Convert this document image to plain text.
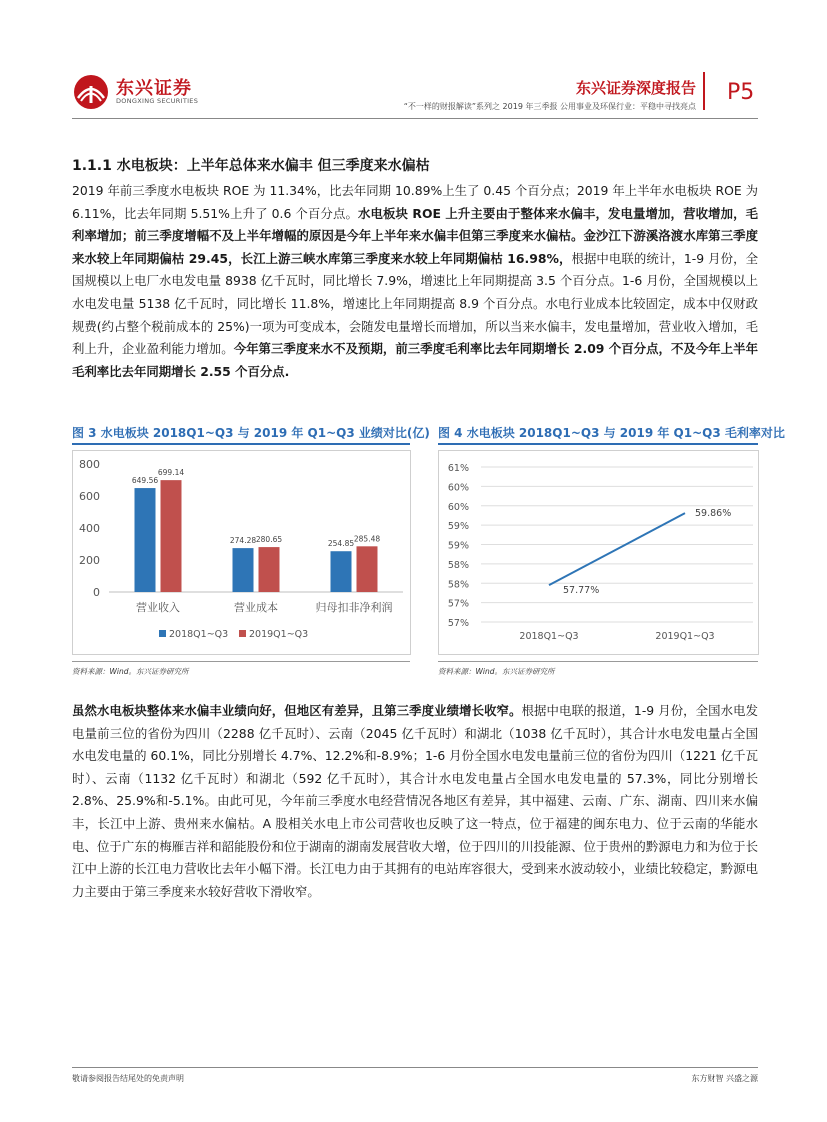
东兴证券
DONGXING SECURITIES
东兴证券深度报告
“不一样的财报解读”系列之 2019 年三季报 公用事业及环保行业：平稳中寻找亮点
P5
1.1.1 水电板块：上半年总体来水偏丰 但三季度来水偏枯
2019 年前三季度水电板块 ROE 为 11.34%，比去年同期 10.89%上生了 0.45 个百分点；2019 年上半年水电板块 ROE 为 6.11%，比去年同期 5.51%上升了 0.6 个百分点。水电板块 ROE 上升主要由于整体来水偏丰，发电量增加，营收增加，毛利率增加；前三季度增幅不及上半年增幅的原因是今年上半年来水偏丰但第三季度来水偏枯。金沙江下游溪洛渡水库第三季度来水较上年同期偏枯 29.45，长江上游三峡水库第三季度来水较上年同期偏枯 16.98%，根据中电联的统计，1-9 月份，全国规模以上电厂水电发电量 8938 亿千瓦时，同比增长 7.9%，增速比上年同期提高 3.5 个百分点。1-6 月份，全国规模以上水电发电量 5138 亿千瓦时，同比增长 11.8%，增速比上年同期提高 8.9 个百分点。水电行业成本比较固定，成本中仅财政规费(约占整个税前成本的 25%)一项为可变成本，会随发电量增长而增加，所以当来水偏丰，发电量增加，营业收入增加，毛利上升，企业盈利能力增加。今年第三季度来水不及预期，前三季度毛利率比去年同期增长 2.09 个百分点，不及今年上半年毛利率比去年同期增长 2.55 个百分点.
图 3 水电板块 2018Q1~Q3 与 2019 年 Q1~Q3 业绩对比(亿)
0
200
400
600
800
649.56
699.14
营业收入
274.28 280.65
营业成本
254.85
285.48
归母扣非净利润
2018Q1~Q3 2019Q1~Q3
资料来源：Wind。东兴证券研究所
图 4 水电板块 2018Q1~Q3 与 2019 年 Q1~Q3 毛利率对比
61%
60%
60%
59%
59%
58%
58%
57%
57%
57.77%
59.86%
2018Q1~Q3	2019Q1~Q3
资料来源：Wind。东兴证券研究所
虽然水电板块整体来水偏丰业绩向好，但地区有差异，且第三季度业绩增长收窄。根据中电联的报道，1-9 月份，全国水电发电量前三位的省份为四川（2288 亿千瓦时）、云南（2045 亿千瓦时）和湖北（1038 亿千瓦时），其合计水电发电量占全国水电发电量的 60.1%，同比分别增长 4.7%、12.2%和-8.9%；1-6 月份全国水电发电量前三位的省份为四川（1221 亿千瓦时）、云南（1132 亿千瓦时）和湖北（592 亿千瓦时），其合计水电发电量占全国水电发电量的 57.3%，同比分别增长 2.8%、25.9%和-5.1%。由此可见，今年前三季度水电经营情况各地区有差异，其中福建、云南、广东、湖南、四川来水偏丰，长江中上游、贵州来水偏枯。A 股相关水电上市公司营收也反映了这一特点，位于福建的闽东电力、位于云南的华能水电、位于广东的梅雁吉祥和韶能股份和位于湖南的湖南发展营收大增，位于四川的川投能源、位于贵州的黔源电力和为位于长江中上游的长江电力营收比去年小幅下滑。长江电力由于其拥有的电站库容很大，受到来水波动较小，业绩比较稳定，黔源电力主要由于第三季度来水较好营收下滑收窄。
敬请参阅报告结尾处的免责声明	东方财智 兴盛之源
